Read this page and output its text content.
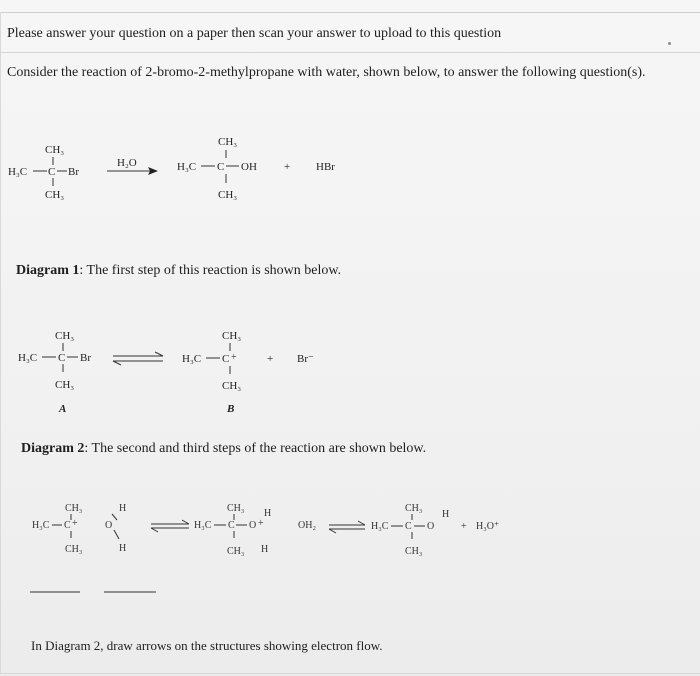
Please answer your question on a paper then scan your answer to upload to this question
Consider the reaction of 2-bromo-2-methylpropane with water, shown below, to answer the following question(s).
Diagram 1: The first step of this reaction is shown below.
Diagram 2: The second and third steps of the reaction are shown below.
In Diagram 2, draw arrows on the structures showing electron flow.
CH₃
H₃C C Br
CH₃
H₂O
CH₃
H₃C C OH
CH₃
+ HBr
CH₃
H₃C C Br
CH₃
A
CH₃
H₃C C +
CH₃
B
+ Br⁻
CH₃
H₃C C +
CH₃
H
O
H
CH₃
H₃C C O +
H
CH₃ H
OH₂
CH₃
H₃C C O
H
CH₃
+ H₃O⁺
